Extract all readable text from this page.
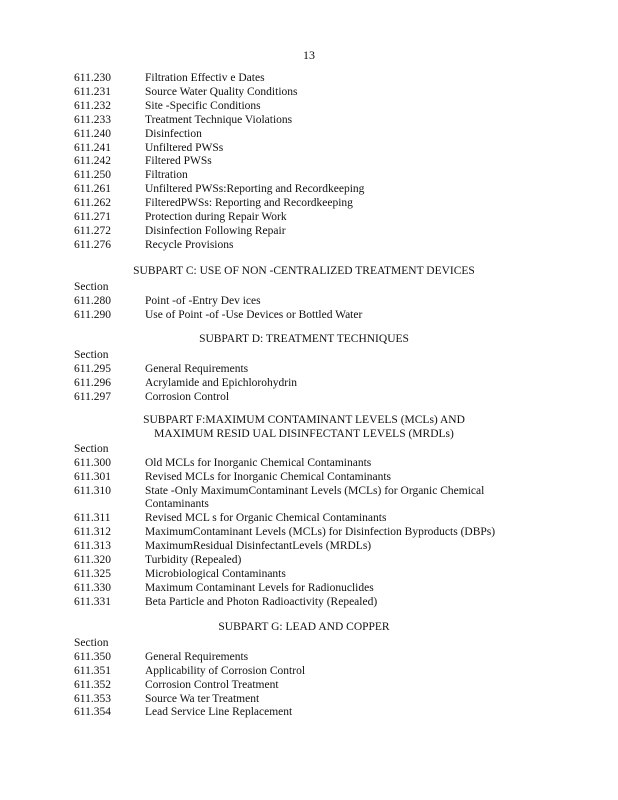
13
611.230	Filtration Effectiv e Dates
611.231	Source Water Quality Conditions
611.232	Site -Specific Conditions
611.233	Treatment Technique Violations
611.240	Disinfection
611.241	Unfiltered PWSs
611.242	Filtered PWSs
611.250	Filtration
611.261	Unfiltered PWSs:Reporting and Recordkeeping
611.262	FilteredPWSs: Reporting and Recordkeeping
611.271	Protection during Repair Work
611.272	Disinfection Following Repair
611.276	Recycle Provisions
SUBPART C: USE OF NON -CENTRALIZED TREATMENT DEVICES
Section
611.280	Point -of -Entry Dev ices
611.290	Use of Point -of -Use Devices or Bottled Water
SUBPART D: TREATMENT TECHNIQUES
Section
611.295	General Requirements
611.296	Acrylamide and Epichlorohydrin
611.297	Corrosion Control
SUBPART F:MAXIMUM CONTAMINANT LEVELS (MCLs) AND
MAXIMUM RESID UAL DISINFECTANT LEVELS (MRDLs)
Section
611.300	Old MCLs for Inorganic Chemical Contaminants
611.301	Revised MCLs for Inorganic Chemical Contaminants
611.310	State -Only MaximumContaminant Levels (MCLs) for Organic Chemical Contaminants
611.311	Revised MCL s for Organic Chemical Contaminants
611.312	MaximumContaminant Levels (MCLs) for Disinfection Byproducts (DBPs)
611.313	MaximumResidual DisinfectantLevels (MRDLs)
611.320	Turbidity (Repealed)
611.325	Microbiological Contaminants
611.330	Maximum Contaminant Levels for Radionuclides
611.331	Beta Particle and Photon Radioactivity (Repealed)
SUBPART G: LEAD AND COPPER
Section
611.350	General Requirements
611.351	Applicability of Corrosion Control
611.352	Corrosion Control Treatment
611.353	Source Wa ter Treatment
611.354	Lead Service Line Replacement
